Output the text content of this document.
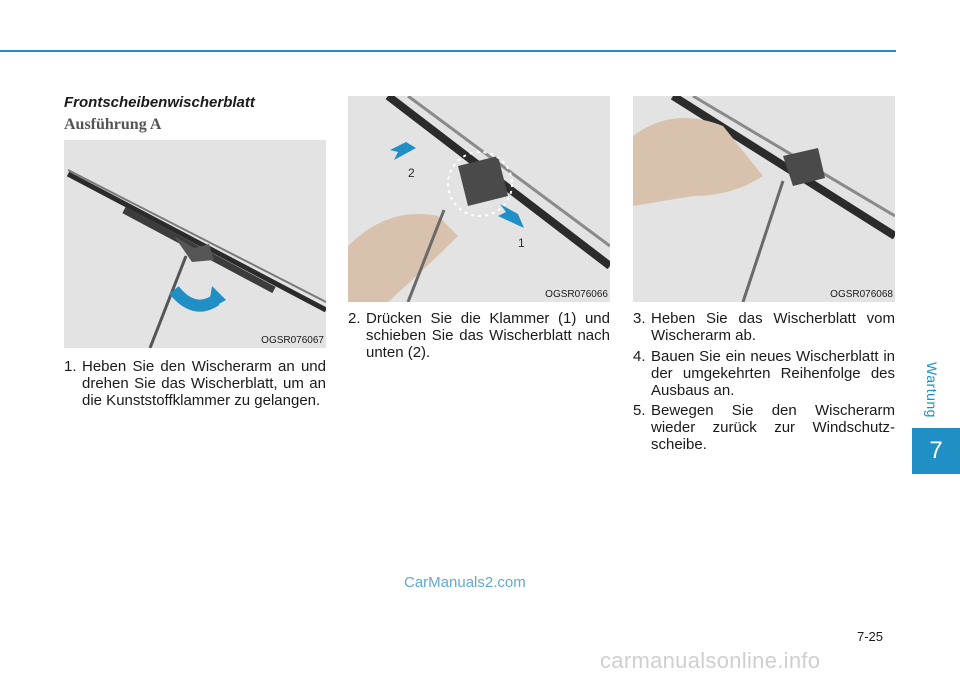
Wartung
7
Frontscheibenwischerblatt
Ausführung A
OGSR076067
2
1
OGSR076066	OGSR076068
1. Heben Sie den Wischerarm an und drehen Sie das Wischerblatt, um an die Kunststoffklammer zu gelangen.
2. Drücken Sie die Klammer (1) und schieben Sie das Wischerblatt nach unten (2).
3. Heben Sie das Wischerblatt vom Wischerarm ab.
4. Bauen Sie ein neues Wischerblatt in der umgekehrten Reihenfolge des Ausbaus an.
5. Bewegen Sie den Wischerarm wieder zurück zur Windschutzscheibe.
CarManuals2.com
7-25
carmanualsonline.info
